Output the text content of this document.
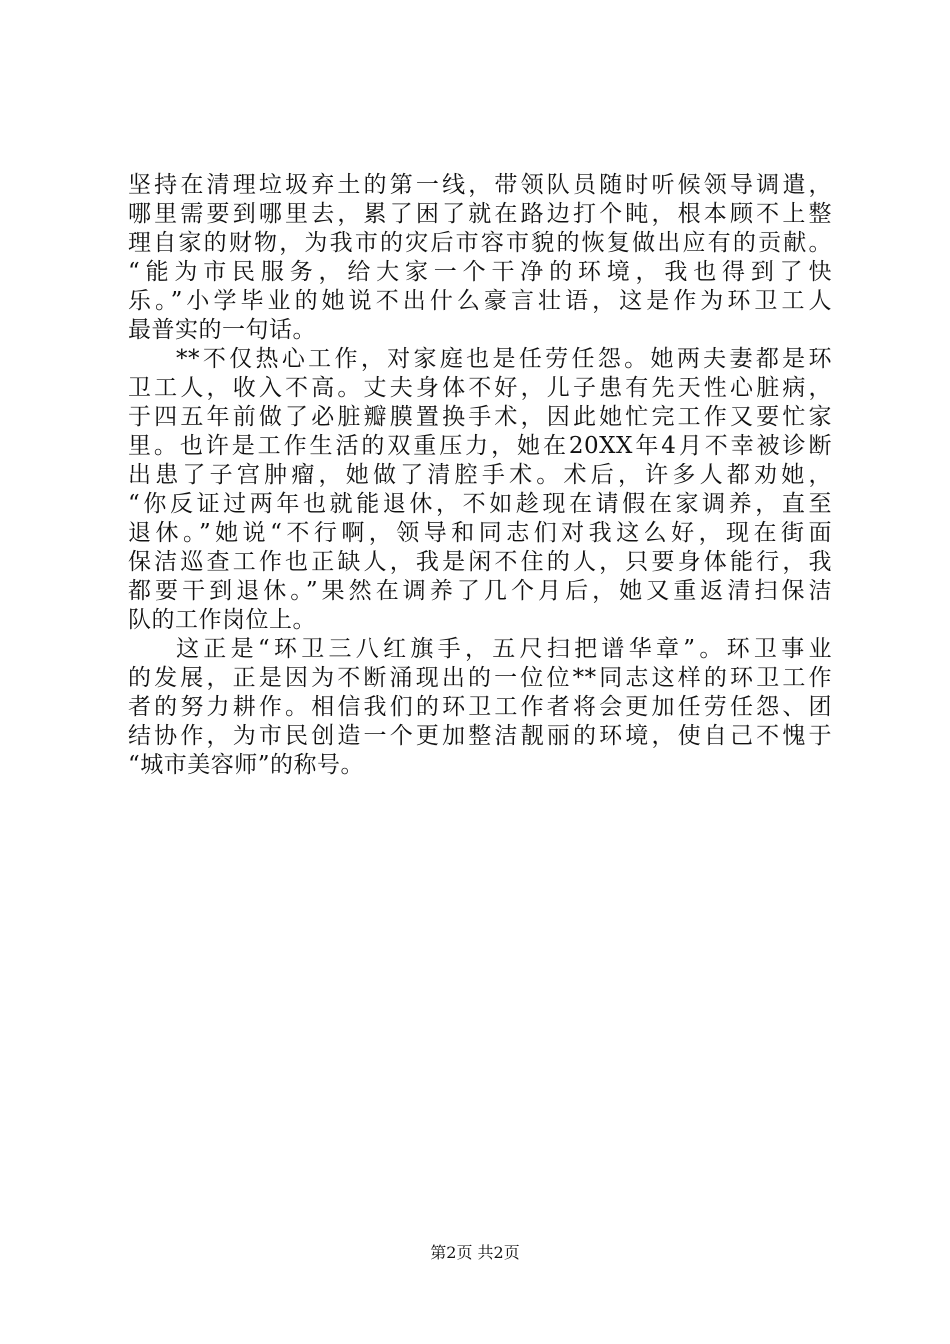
坚持在清理垃圾弃土的第一线，带领队员随时听候领导调遣，
哪里需要到哪里去，累了困了就在路边打个盹，根本顾不上整
理自家的财物，为我市的灾后市容市貌的恢复做出应有的贡献。
“能为市民服务，给大家一个干净的环境，我也得到了快
乐。”小学毕业的她说不出什么豪言壮语，这是作为环卫工人
最普实的一句话。
**不仅热心工作，对家庭也是任劳任怨。她两夫妻都是环
卫工人，收入不高。丈夫身体不好，儿子患有先天性心脏病，
于四五年前做了必脏瓣膜置换手术，因此她忙完工作又要忙家
里。也许是工作生活的双重压力，她在20XX年4月不幸被诊断
出患了子宫肿瘤，她做了清腔手术。术后，许多人都劝她，
“你反证过两年也就能退休，不如趁现在请假在家调养，直至
退休。”她说“不行啊，领导和同志们对我这么好，现在街面
保洁巡查工作也正缺人，我是闲不住的人，只要身体能行，我
都要干到退休。”果然在调养了几个月后，她又重返清扫保洁
队的工作岗位上。
这正是“环卫三八红旗手，五尺扫把谱华章”。环卫事业
的发展，正是因为不断涌现出的一位位**同志这样的环卫工作
者的努力耕作。相信我们的环卫工作者将会更加任劳任怨、团
结协作，为市民创造一个更加整洁靓丽的环境，使自己不愧于
“城市美容师”的称号。
第2页 共2页
